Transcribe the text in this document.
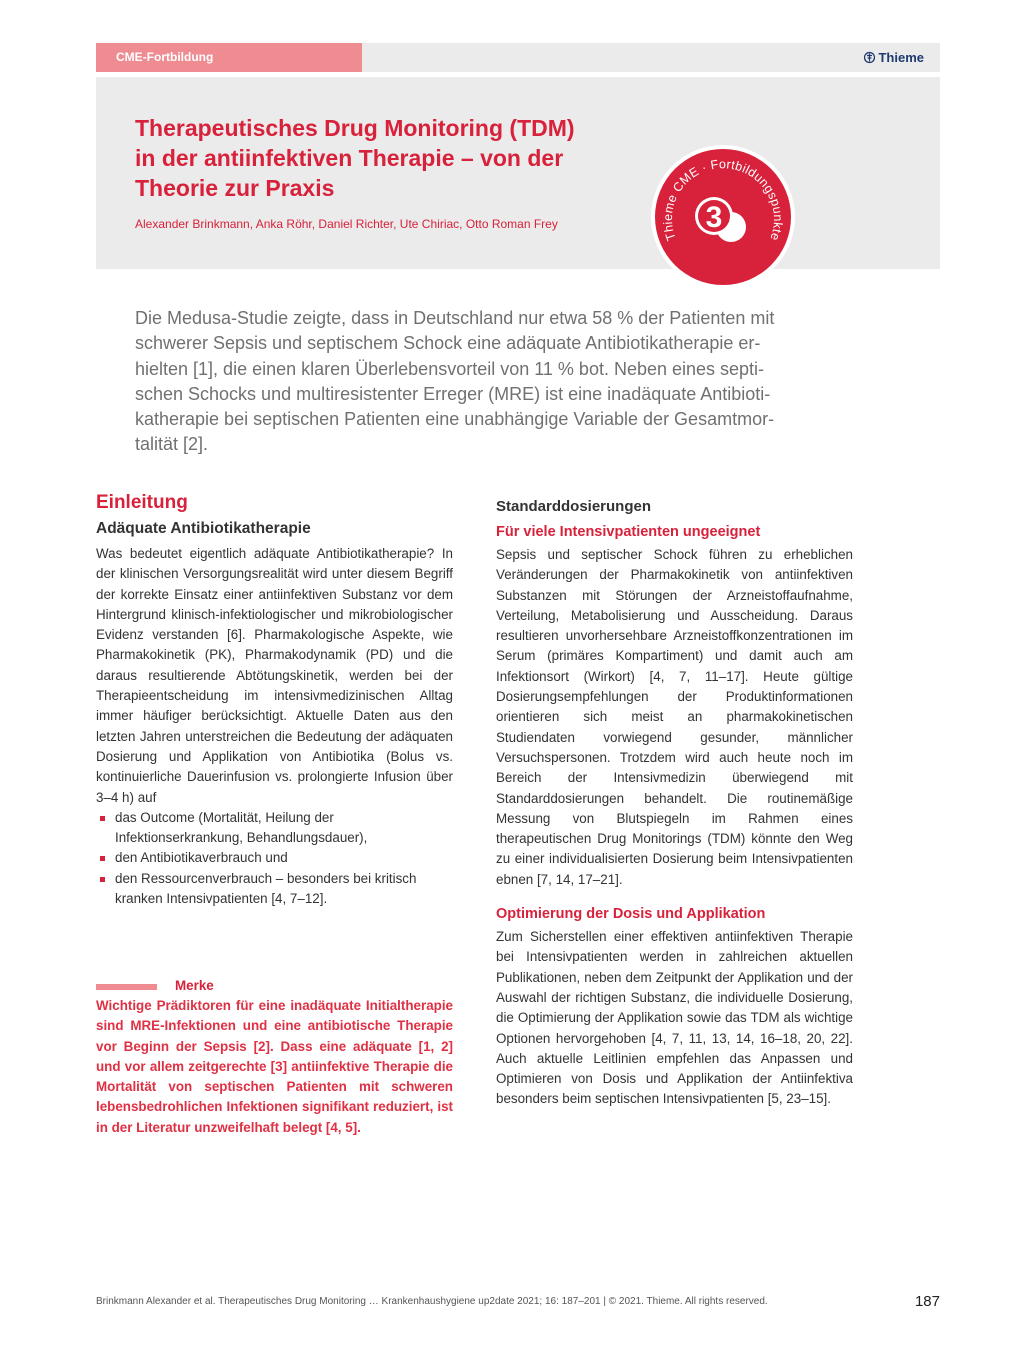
CME-Fortbildung	Thieme
Therapeutisches Drug Monitoring (TDM)
in der antiinfektiven Therapie – von der
Theorie zur Praxis
Alexander Brinkmann, Anka Röhr, Daniel Richter, Ute Chiriac, Otto Roman Frey
Thieme CME · Fortbildungspunkte
3
Die Medusa-Studie zeigte, dass in Deutschland nur etwa 58 % der Patienten mit
schwerer Sepsis und septischem Schock eine adäquate Antibiotikatherapie er-
hielten [1], die einen klaren Überlebensvorteil von 11 % bot. Neben eines septi-
schen Schocks und multiresistenter Erreger (MRE) ist eine inadäquate Antibioti-
katherapie bei septischen Patienten eine unabhängige Variable der Gesamtmor-
talität [2].
Einleitung
Adäquate Antibiotikatherapie

Was bedeutet eigentlich adäquate Antibiotikatherapie? In der klinischen Versorgungsrealität wird unter diesem Begriff der korrekte Einsatz einer antiinfektiven Substanz vor dem Hintergrund klinisch-infektiologischer und mikrobiologischer Evidenz verstanden [6]. Pharmakologische Aspekte, wie Pharmakokinetik (PK), Pharmakodynamik (PD) und die daraus resultierende Abtötungskinetik, werden bei der Therapieentscheidung im intensivmedizinischen Alltag immer häufiger berücksichtigt. Aktuelle Daten aus den letzten Jahren unterstreichen die Bedeutung der adäquaten Dosierung und Applikation von Antibiotika (Bolus vs. kontinuierliche Dauerinfusion vs. prolongierte Infusion über 3–4 h) auf

das Outcome (Mortalität, Heilung der Infektionserkrankung, Behandlungsdauer),
den Antibiotikaverbrauch und
den Ressourcenverbrauch – besonders bei kritisch kranken Intensivpatienten [4, 7–12].
Merke

Wichtige Prädiktoren für eine inadäquate Initialtherapie sind MRE-Infektionen und eine antibiotische Therapie vor Beginn der Sepsis [2]. Dass eine adäquate [1, 2] und vor allem zeitgerechte [3] antiinfektive Therapie die Mortalität von septischen Patienten mit schweren lebensbedrohlichen Infektionen signifikant reduziert, ist in der Literatur unzweifelhaft belegt [4, 5].

Standarddosierungen
Für viele Intensivpatienten ungeeignet

Sepsis und septischer Schock führen zu erheblichen Veränderungen der Pharmakokinetik von antiinfektiven Substanzen mit Störungen der Arzneistoffaufnahme, Verteilung, Metabolisierung und Ausscheidung. Daraus resultieren unvorhersehbare Arzneistoffkonzentrationen im Serum (primäres Kompartiment) und damit auch am Infektionsort (Wirkort) [4, 7, 11–17]. Heute gültige Dosierungsempfehlungen der Produktinformationen orientieren sich meist an pharmakokinetischen Studiendaten vorwiegend gesunder, männlicher Versuchspersonen. Trotzdem wird auch heute noch im Bereich der Intensivmedizin überwiegend mit Standarddosierungen behandelt. Die routinemäßige Messung von Blutspiegeln im Rahmen eines therapeutischen Drug Monitorings (TDM) könnte den Weg zu einer individualisierten Dosierung beim Intensivpatienten ebnen [7, 14, 17–21].

Optimierung der Dosis und Applikation

Zum Sicherstellen einer effektiven antiinfektiven Therapie bei Intensivpatienten werden in zahlreichen aktuellen Publikationen, neben dem Zeitpunkt der Applikation und der Auswahl der richtigen Substanz, die individuelle Dosierung, die Optimierung der Applikation sowie das TDM als wichtige Optionen hervorgehoben [4, 7, 11, 13, 14, 16–18, 20, 22]. Auch aktuelle Leitlinien empfehlen das Anpassen und Optimieren von Dosis und Applikation der Antiinfektiva besonders beim septischen Intensivpatienten [5, 23–15].

Brinkmann Alexander et al. Therapeutisches Drug Monitoring … Krankenhaushygiene up2date 2021; 16: 187–201 | © 2021. Thieme. All rights reserved.	187
